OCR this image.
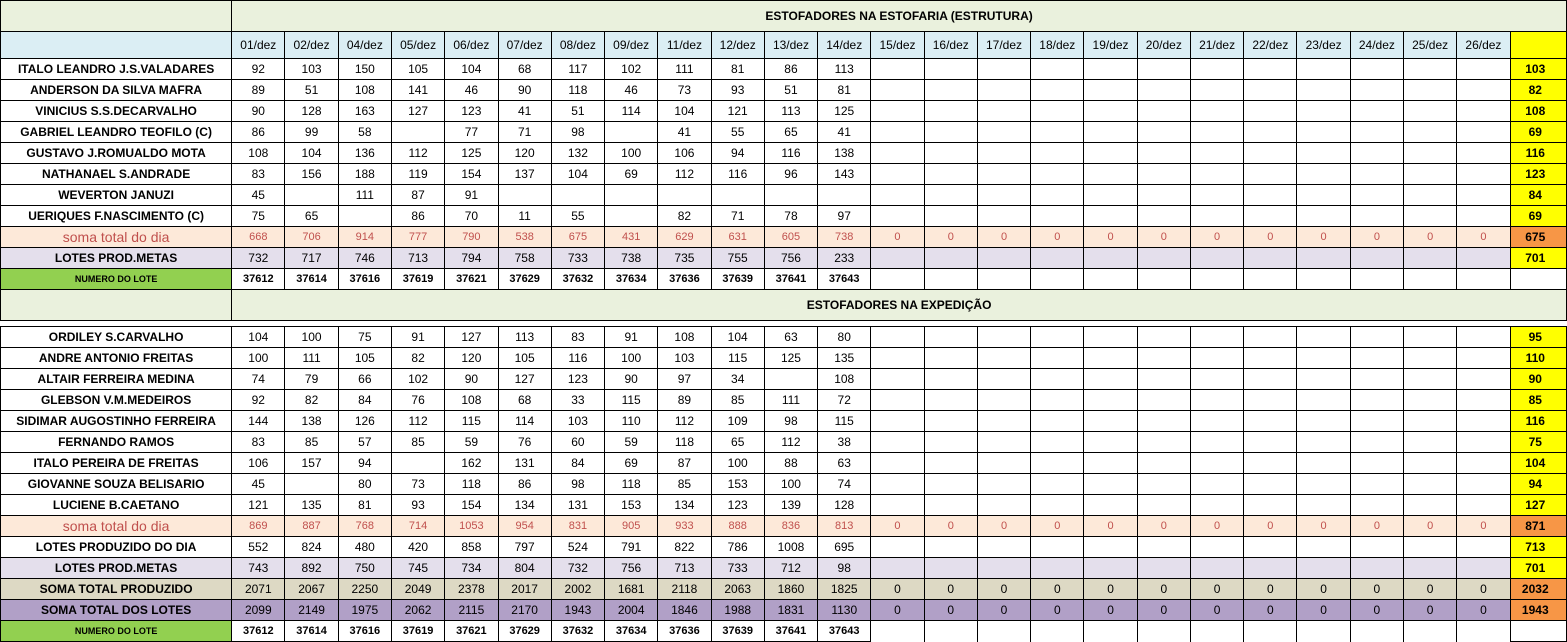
	ESTOFADORES NA ESTOFARIA (ESTRUTURA)																								
	01/dez	02/dez	04/dez	05/dez	06/dez	07/dez	08/dez	09/dez	11/dez	12/dez	13/dez	14/dez	15/dez	16/dez	17/dez	18/dez	19/dez	20/dez	21/dez	22/dez	23/dez	24/dez	25/dez	26/dez	
ITALO LEANDRO J.S.VALADARES	92	103	150	105	104	68	117	102	111	81	86	113													103
ANDERSON DA SILVA MAFRA	89	51	108	141	46	90	118	46	73	93	51	81													82
VINICIUS S.S.DECARVALHO	90	128	163	127	123	41	51	114	104	121	113	125													108
GABRIEL LEANDRO TEOFILO (C)	86	99	58		77	71	98		41	55	65	41													69
GUSTAVO J.ROMUALDO MOTA	108	104	136	112	125	120	132	100	106	94	116	138													116
NATHANAEL S.ANDRADE	83	156	188	119	154	137	104	69	112	116	96	143													123
WEVERTON JANUZI	45		111	87	91																				84
UERIQUES F.NASCIMENTO (C)	75	65		86	70	11	55		82	71	78	97													69
soma total do dia	668	706	914	777	790	538	675	431	629	631	605	738	0	0	0	0	0	0	0	0	0	0	0	0	675
LOTES PROD.METAS	732	717	746	713	794	758	733	738	735	755	756	233													701
NUMERO DO LOTE	37612	37614	37616	37619	37621	37629	37632	37634	37636	37639	37641	37643													
	ESTOFADORES NA EXPEDIÇÃO																								

ORDILEY S.CARVALHO	104	100	75	91	127	113	83	91	108	104	63	80													95
ANDRE ANTONIO FREITAS	100	111	105	82	120	105	116	100	103	115	125	135													110
ALTAIR FERREIRA MEDINA	74	79	66	102	90	127	123	90	97	34		108													90
GLEBSON V.M.MEDEIROS	92	82	84	76	108	68	33	115	89	85	111	72													85
SIDIMAR AUGOSTINHO FERREIRA	144	138	126	112	115	114	103	110	112	109	98	115													116
FERNANDO RAMOS	83	85	57	85	59	76	60	59	118	65	112	38													75
ITALO PEREIRA DE FREITAS	106	157	94		162	131	84	69	87	100	88	63													104
GIOVANNE SOUZA BELISARIO	45		80	73	118	86	98	118	85	153	100	74													94
LUCIENE B.CAETANO	121	135	81	93	154	134	131	153	134	123	139	128													127
soma total do dia	869	887	768	714	1053	954	831	905	933	888	836	813	0	0	0	0	0	0	0	0	0	0	0	0	871
LOTES PRODUZIDO DO DIA	552	824	480	420	858	797	524	791	822	786	1008	695													713
LOTES PROD.METAS	743	892	750	745	734	804	732	756	713	733	712	98													701
SOMA TOTAL PRODUZIDO	2071	2067	2250	2049	2378	2017	2002	1681	2118	2063	1860	1825	0	0	0	0	0	0	0	0	0	0	0	0	2032
SOMA TOTAL DOS LOTES	2099	2149	1975	2062	2115	2170	1943	2004	1846	1988	1831	1130	0	0	0	0	0	0	0	0	0	0	0	0	1943
NUMERO DO LOTE	37612	37614	37616	37619	37621	37629	37632	37634	37636	37639	37641	37643													
